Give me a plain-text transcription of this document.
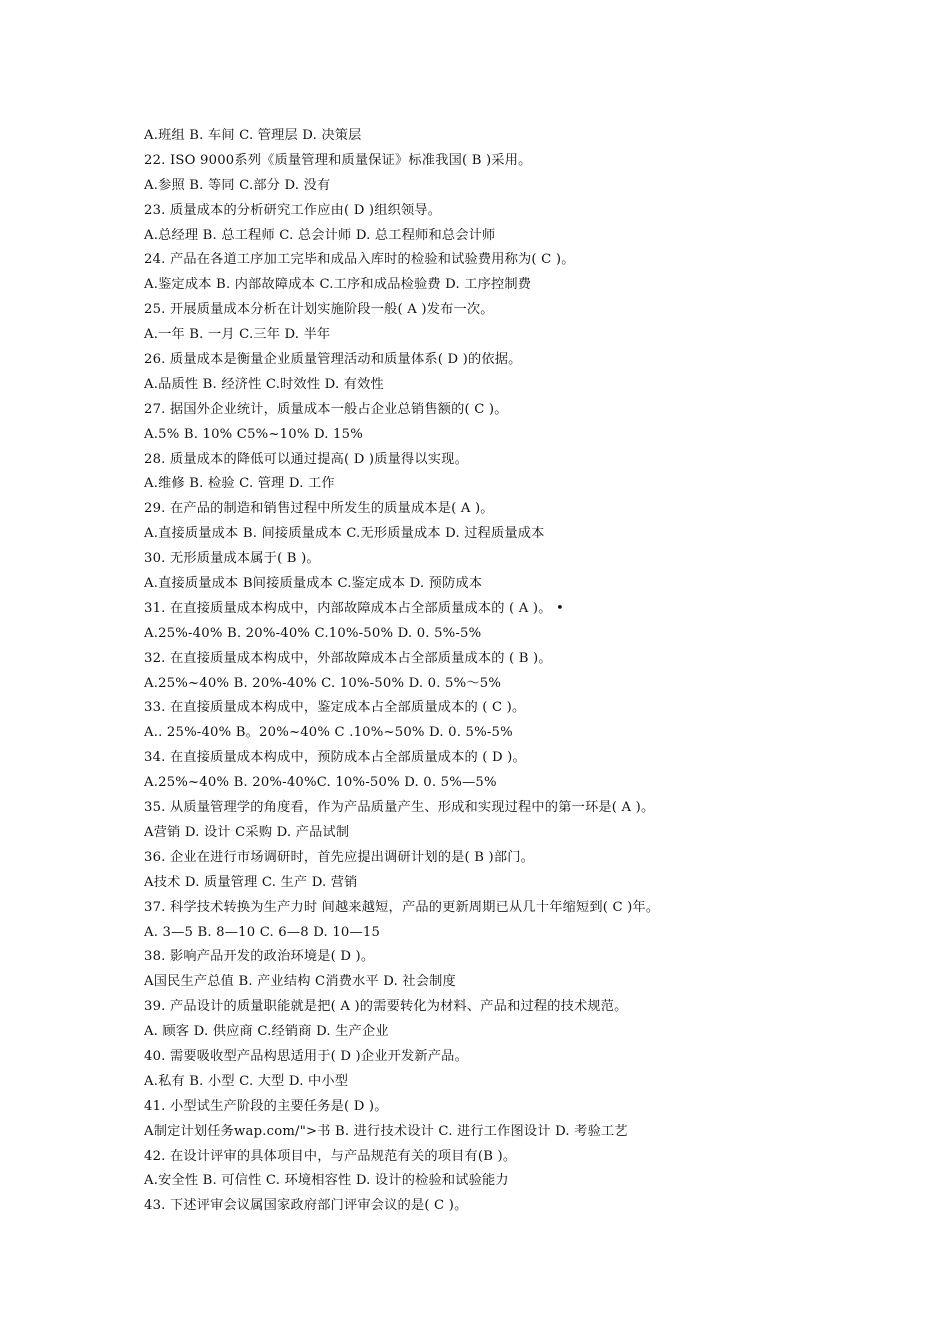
A.班组 B. 车间 C. 管理层 D. 决策层
22. ISO 9000系列《质量管理和质量保证》标准我国( B )采用。
A.参照 B. 等同 C.部分 D. 没有
23. 质量成本的分析研究工作应由( D )组织领导。
A.总经理 B. 总工程师 C. 总会计师 D. 总工程师和总会计师
24. 产品在各道工序加工完毕和成品入库时的检验和试验费用称为( C )。
A.鉴定成本 B. 内部故障成本 C.工序和成品检验费 D. 工序控制费
25. 开展质量成本分析在计划实施阶段一般( A )发布一次。
A.一年 B. 一月 C.三年 D. 半年
26. 质量成本是衡量企业质量管理活动和质量体系( D )的依据。
A.品质性 B. 经济性 C.时效性 D. 有效性
27. 据国外企业统计，质量成本一般占企业总销售额的( C )。
A.5% B. 10% C5%~10% D. 15%
28. 质量成本的降低可以通过提高( D )质量得以实现。
A.维修 B. 检验 C. 管理 D. 工作
29. 在产品的制造和销售过程中所发生的质量成本是( A )。
A.直接质量成本 B. 间接质量成本 C.无形质量成本 D. 过程质量成本
30. 无形质量成本属于( B )。
A.直接质量成本 B间接质量成本 C.鉴定成本 D. 预防成本
31. 在直接质量成本构成中，内部故障成本占全部质量成本的 ( A )。 •
A.25%-40% B. 20%-40% C.10%-50% D. 0. 5%-5%
32. 在直接质量成本构成中，外部故障成本占全部质量成本的 ( B )。
A.25%~40% B. 20%-40% C. 10%-50% D. 0. 5%～5%
33. 在直接质量成本构成中，鉴定成本占全部质量成本的 ( C )。
A.. 25%-40% B。20%~40% C .10%~50% D. 0. 5%-5%
34. 在直接质量成本构成中，预防成本占全部质量成本的 ( D )。
A.25%~40% B. 20%-40%C. 10%-50% D. 0. 5%—5%
35. 从质量管理学的角度看，作为产品质量产生、形成和实现过程中的第一环是( A )。
A营销 D. 设计 C采购 D. 产品试制
36. 企业在进行市场调研时，首先应提出调研计划的是( B )部门。
A技术 D. 质量管理 C. 生产 D. 营销
37. 科学技术转换为生产力时 间越来越短，产品的更新周期已从几十年缩短到( C )年。
A. 3—5 B. 8—10 C. 6—8 D. 10—15
38. 影响产品开发的政治环境是( D )。
A国民生产总值 B. 产业结构 C消费水平 D. 社会制度
39. 产品设计的质量职能就是把( A )的需要转化为材料、产品和过程的技术规范。
A. 顾客 D. 供应商 C.经销商 D. 生产企业
40. 需要吸收型产品构思适用于( D )企业开发新产品。
A.私有 B. 小型 C. 大型 D. 中小型
41. 小型试生产阶段的主要任务是( D )。
A制定计划任务wap.com/">书 B. 进行技术设计 C. 进行工作图设计 D. 考验工艺
42. 在设计评审的具体项目中，与产品规范有关的项目有(B )。
A.安全性 B. 可信性 C. 环境相容性 D. 设计的检验和试验能力
43. 下述评审会议属国家政府部门评审会议的是( C )。
